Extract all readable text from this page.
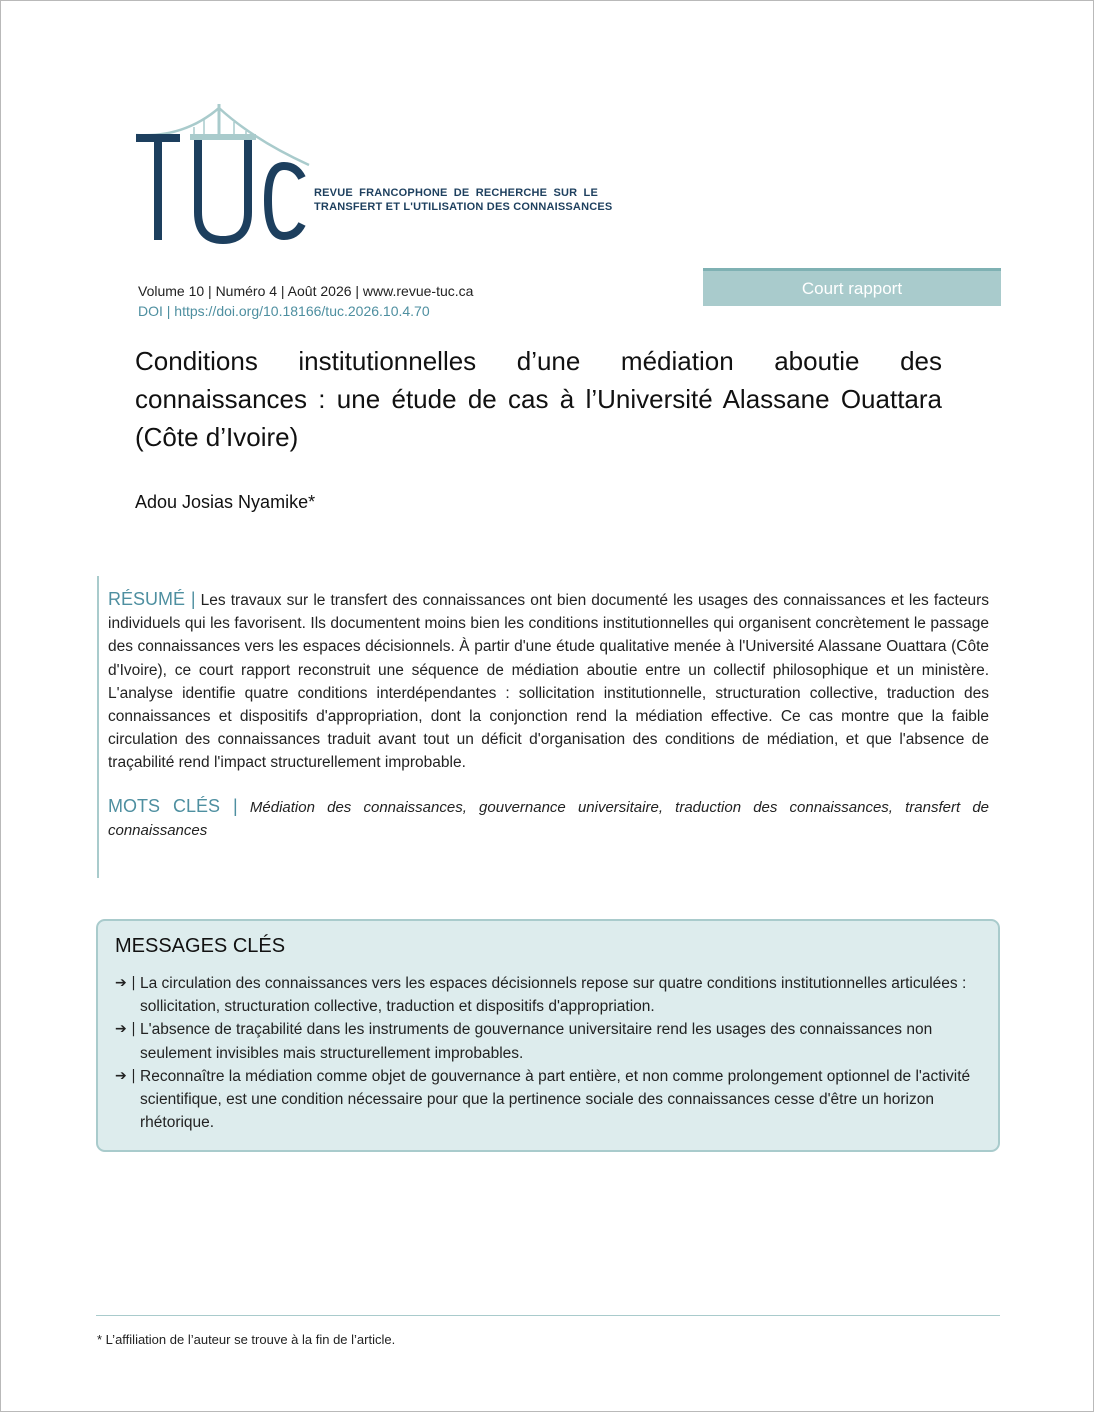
REVUE FRANCOPHONE DE RECHERCHE SUR LE
TRANSFERT ET L'UTILISATION DES CONNAISSANCES
Volume 10 | Numéro 4 | Août 2026 | www.revue-tuc.ca
DOI | https://doi.org/10.18166/tuc.2026.10.4.70
Court rapport
Conditions institutionnelles d’une médiation aboutie des connaissances : une étude de cas à l’Université Alassane Ouattara (Côte d’Ivoire)
Adou Josias Nyamike*

RÉSUMÉ | Les travaux sur le transfert des connaissances ont bien documenté les usages des connaissances et les facteurs individuels qui les favorisent. Ils documentent moins bien les conditions institutionnelles qui organisent concrètement le passage des connaissances vers les espaces décisionnels. À partir d'une étude qualitative menée à l'Université Alassane Ouattara (Côte d'Ivoire), ce court rapport reconstruit une séquence de médiation aboutie entre un collectif philosophique et un ministère. L'analyse identifie quatre conditions interdépendantes : sollicitation institutionnelle, structuration collective, traduction des connaissances et dispositifs d'appropriation, dont la conjonction rend la médiation effective. Ce cas montre que la faible circulation des connaissances traduit avant tout un déficit d'organisation des conditions de médiation, et que l'absence de traçabilité rend l'impact structurellement improbable.

MOTS CLÉS | Médiation des connaissances, gouvernance universitaire, traduction des connaissances, transfert de connaissances

MESSAGES CLÉS
➔ | La circulation des connaissances vers les espaces décisionnels repose sur quatre conditions institutionnelles articulées : sollicitation, structuration collective, traduction et dispositifs d'appropriation.
➔ | L'absence de traçabilité dans les instruments de gouvernance universitaire rend les usages des connaissances non seulement invisibles mais structurellement improbables.
➔ | Reconnaître la médiation comme objet de gouvernance à part entière, et non comme prolongement optionnel de l'activité scientifique, est une condition nécessaire pour que la pertinence sociale des connaissances cesse d'être un horizon rhétorique.
* L’affiliation de l’auteur se trouve à la fin de l’article.
